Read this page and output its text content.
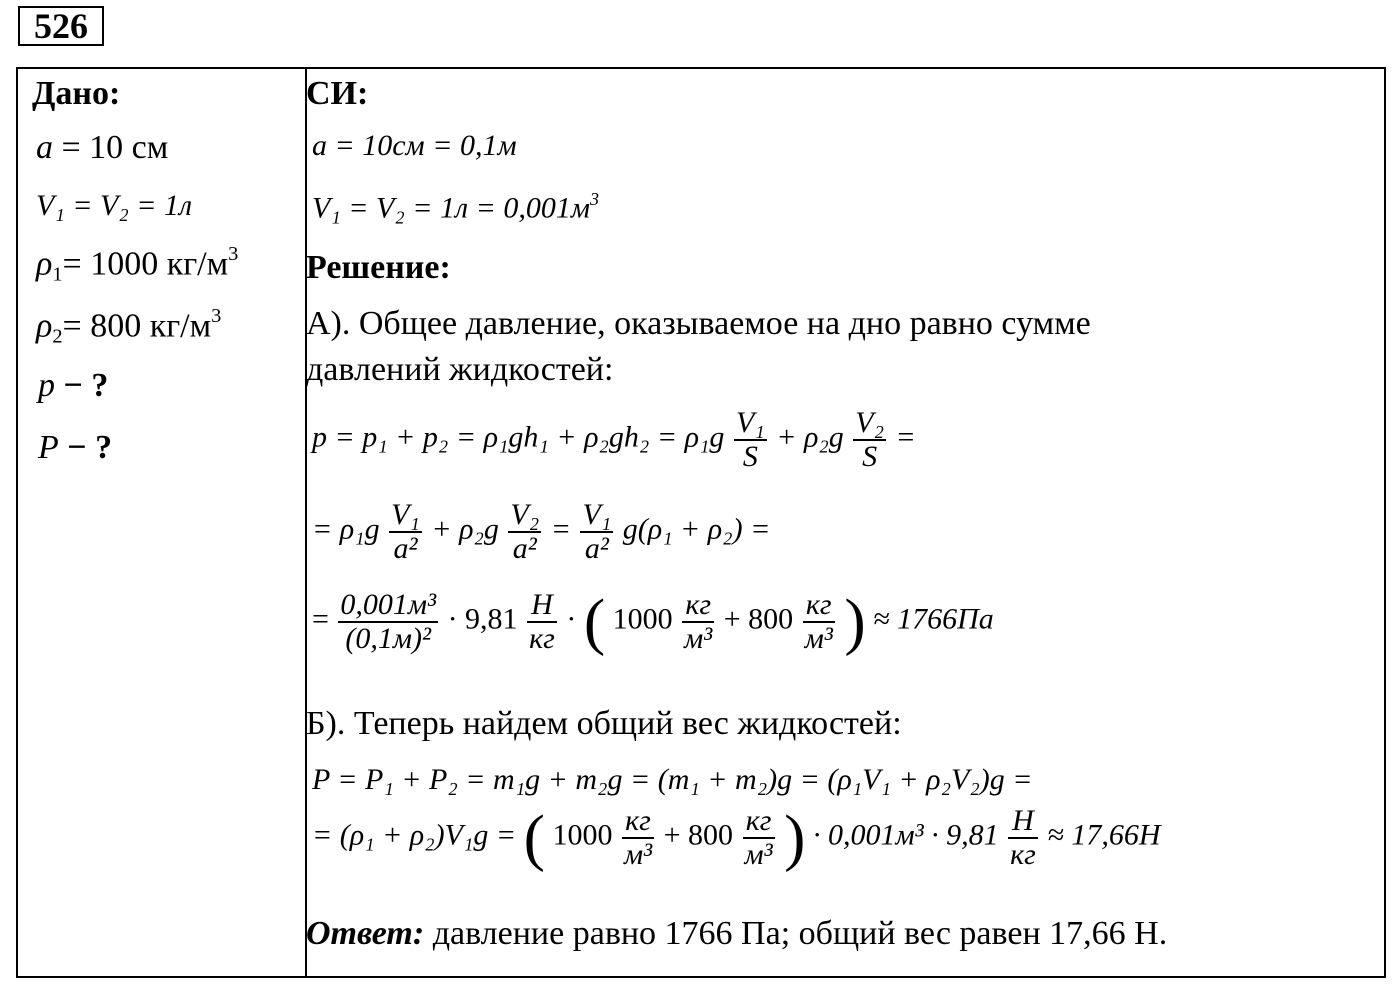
526
Дано:
a = 10 см
V₁ = V₂ = 1л
$\rho_1= 1000$ $кг/м^3$
$\rho_2= 800$ $кг/м^3$
p − ?
P − ?
СИ:
a = 10см = 0,1м
$V_1 = V_2 = 1л = 0,001м^3$
Решение:
А). Общее давление, оказываемое на дно равно сумме
давлений жидкостей:
$p = p_1 + p_2 = \rho_1gh_1 + \rho_2gh_2 = \rho_1g \frac{\text{V₁}}{S} + \rho_2g \frac{\text{V₂}}{S}$ =
= $\rho_1g \frac{\text{V₁}}{\text{a²}} + \rho_2g \frac{\text{V₂}}{\text{a²}} = \frac{\text{V₁}}{\text{a²}} g(\rho_1 + \rho_2)$ =
= $\frac{\text{0,001м³}}{\text{(0,1м)²}} \cdot 9,81 \frac{Н}{кг}$ · ( $1000 \frac{кг}{\text{м³}} + 800 \frac{кг}{\text{м³}}$ ) ≈ 1766Па
Б). Теперь найдем общий вес жидкостей:
P = P₁ + P₂ = m₁g + m₂g = (m₁ + m₂)g = (ρ₁V₁ + ρ₂V₂)g =
= (ρ₁ + ρ₂)V₁g = ( $1000 \frac{кг}{\text{м³}} + 800 \frac{кг}{\text{м³}}$ ) · $0,001м^3 \cdot 9,81 \frac{Н}{кг} \approx 17,66Н$
Ответ: давление равно 1766 Па; общий вес равен 17,66 Н.
